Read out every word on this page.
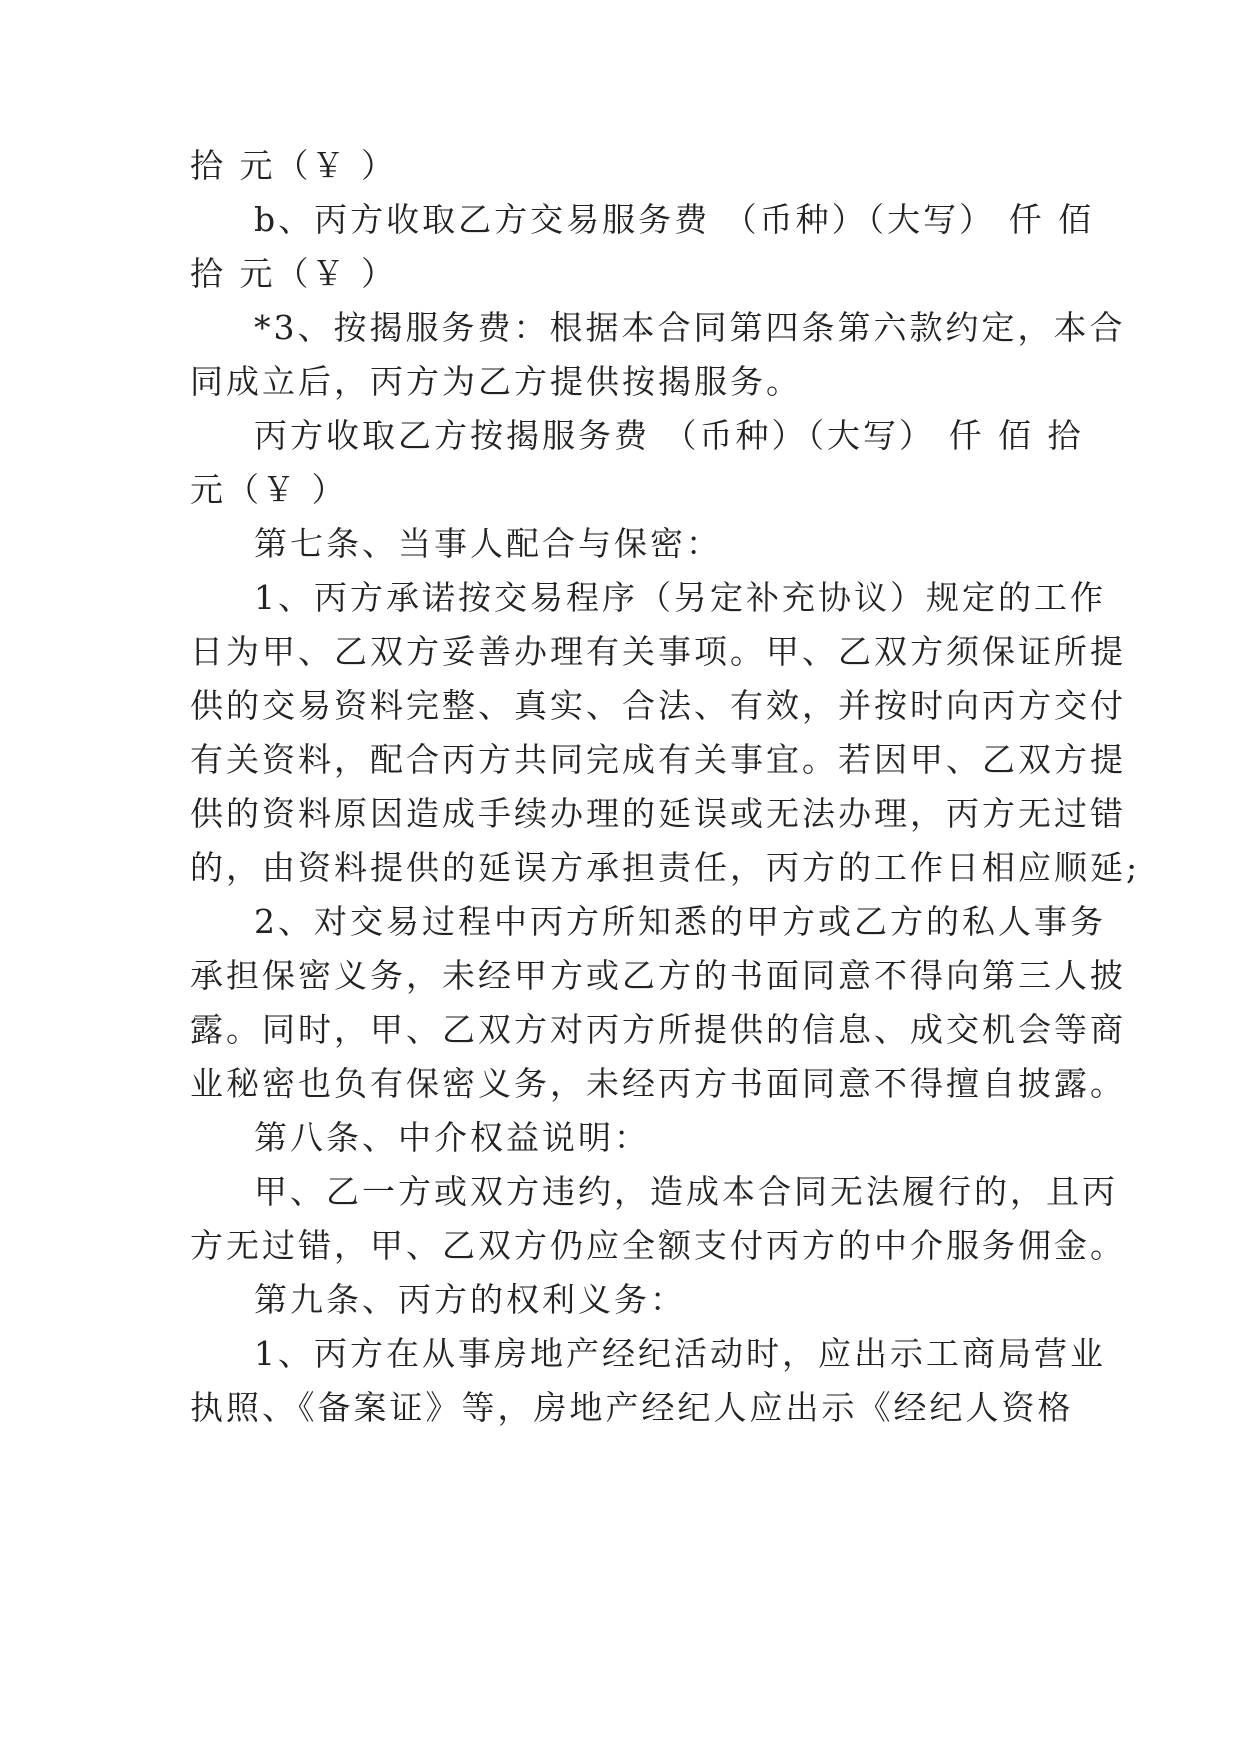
拾 元（￥ ）
b、丙方收取乙方交易服务费 （币种）（大写） 仟 佰
拾 元（￥ ）
*3、按揭服务费：根据本合同第四条第六款约定，本合
同成立后，丙方为乙方提供按揭服务。
丙方收取乙方按揭服务费 （币种）（大写） 仟 佰 拾
元（￥ ）
第七条、当事人配合与保密：
1、丙方承诺按交易程序（另定补充协议）规定的工作
日为甲、乙双方妥善办理有关事项。甲、乙双方须保证所提
供的交易资料完整、真实、合法、有效，并按时向丙方交付
有关资料，配合丙方共同完成有关事宜。若因甲、乙双方提
供的资料原因造成手续办理的延误或无法办理，丙方无过错
的，由资料提供的延误方承担责任，丙方的工作日相应顺延;
2、对交易过程中丙方所知悉的甲方或乙方的私人事务
承担保密义务，未经甲方或乙方的书面同意不得向第三人披
露。同时，甲、乙双方对丙方所提供的信息、成交机会等商
业秘密也负有保密义务，未经丙方书面同意不得擅自披露。
第八条、中介权益说明：
甲、乙一方或双方违约，造成本合同无法履行的，且丙
方无过错，甲、乙双方仍应全额支付丙方的中介服务佣金。
第九条、丙方的权利义务：
1、丙方在从事房地产经纪活动时，应出示工商局营业
执照、《备案证》等，房地产经纪人应出示《经纪人资格
